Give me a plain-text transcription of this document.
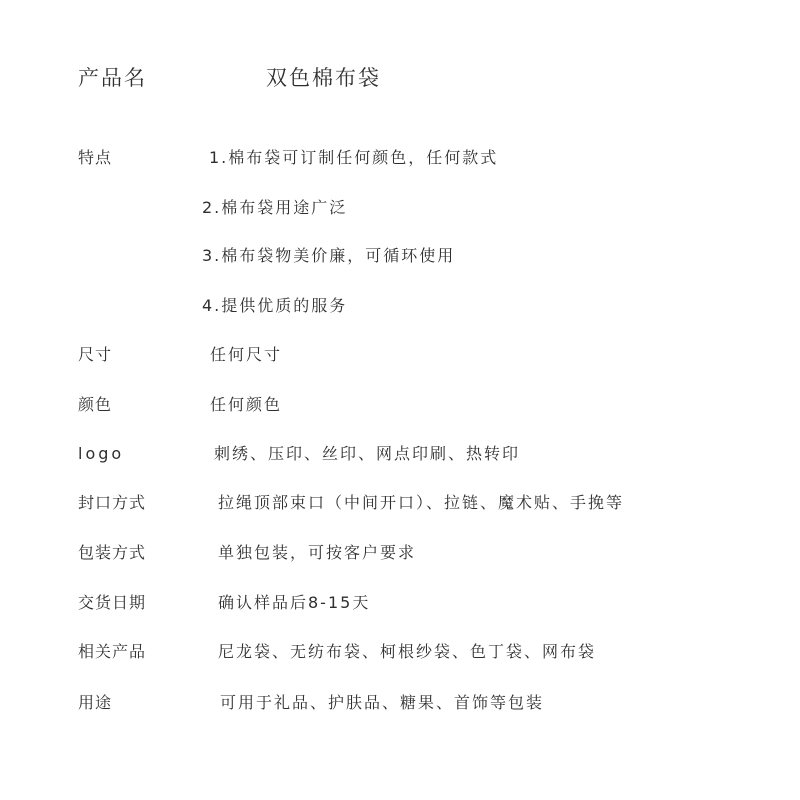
产品名	双色棉布袋
特点	1.棉布袋可订制任何颜色，任何款式
2.棉布袋用途广泛
3.棉布袋物美价廉，可循环使用
4.提供优质的服务
尺寸	任何尺寸
颜色	任何颜色
logo	刺绣、压印、丝印、网点印刷、热转印
封口方式	拉绳顶部束口（中间开口）、拉链、魔术贴、手挽等
包装方式	单独包装，可按客户要求
交货日期	确认样品后8-15天
相关产品	尼龙袋、无纺布袋、柯根纱袋、色丁袋、网布袋
用途	可用于礼品、护肤品、糖果、首饰等包装
